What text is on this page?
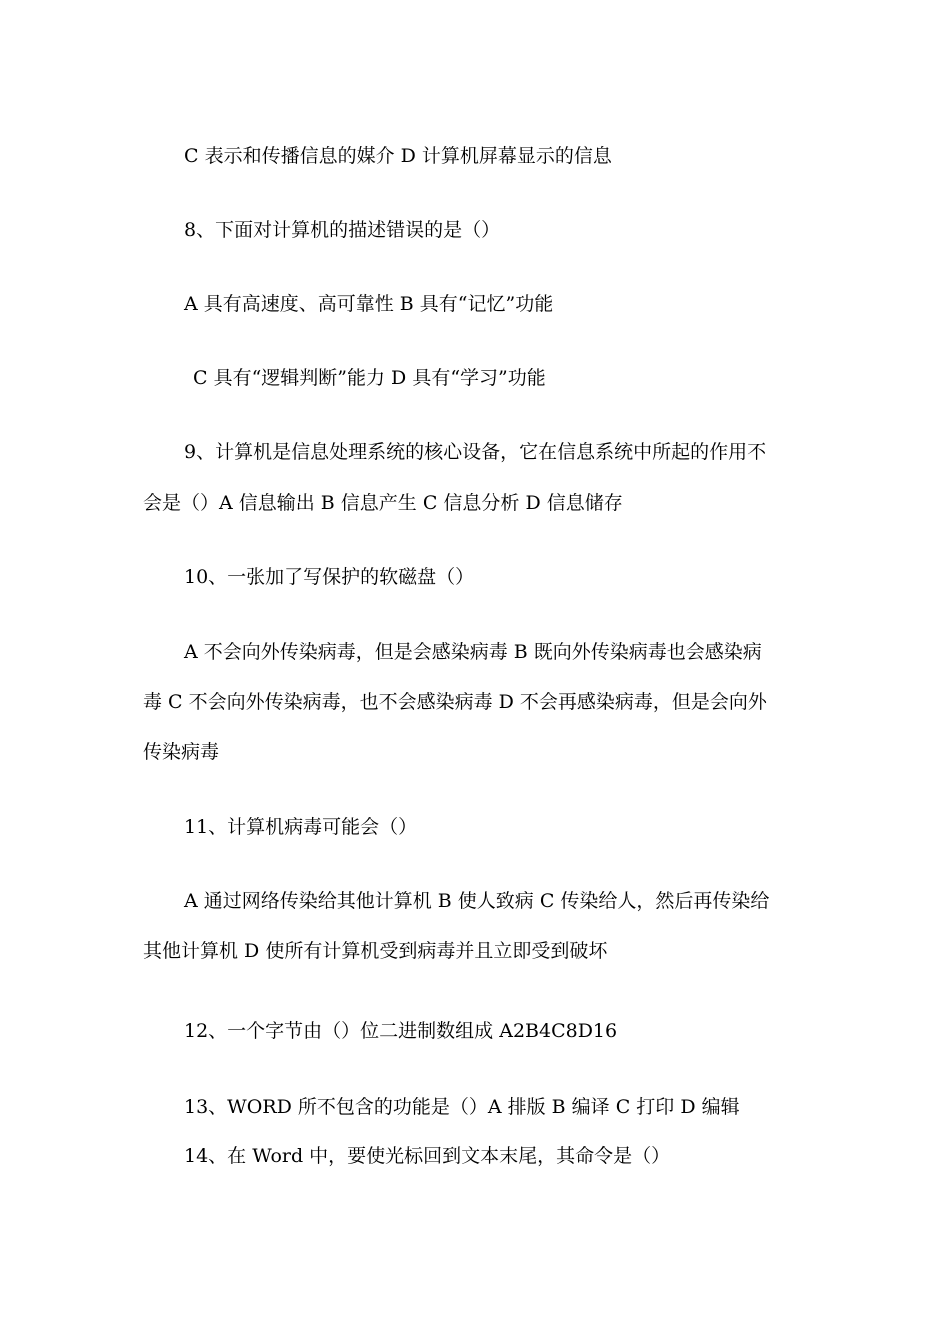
C 表示和传播信息的媒介 D 计算机屏幕显示的信息
8、下面对计算机的描述错误的是（）
A 具有高速度、高可靠性 B 具有“记忆”功能
C 具有“逻辑判断”能力 D 具有“学习”功能
9、计算机是信息处理系统的核心设备，它在信息系统中所起的作用不
会是（）A 信息输出 B 信息产生 C 信息分析 D 信息储存
10、一张加了写保护的软磁盘（）
A 不会向外传染病毒，但是会感染病毒 B 既向外传染病毒也会感染病
毒 C 不会向外传染病毒，也不会感染病毒 D 不会再感染病毒，但是会向外
传染病毒
11、计算机病毒可能会（）
A 通过网络传染给其他计算机 B 使人致病 C 传染给人，然后再传染给
其他计算机 D 使所有计算机受到病毒并且立即受到破坏
12、一个字节由（）位二进制数组成 A2B4C8D16
13、WORD 所不包含的功能是（）A 排版 B 编译 C 打印 D 编辑
14、在 Word 中，要使光标回到文本末尾，其命令是（）
